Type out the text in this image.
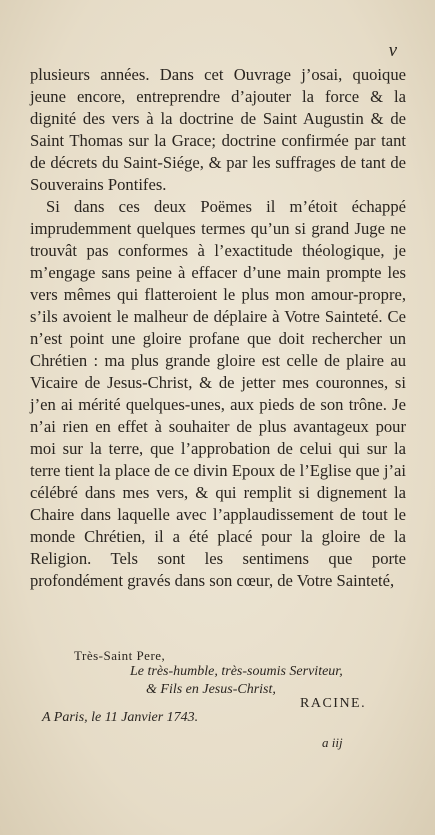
v

plusieurs années. Dans cet Ouvrage j’osai, quoique jeune encore, entreprendre d’ajouter la force & la dignité des vers à la doctrine de Saint Augustin & de Saint Thomas sur la Grace; doctrine confirmée par tant de décrets du Saint-Siége, & par les suffrages de tant de Souverains Pontifes.

Si dans ces deux Poëmes il m’étoit échappé imprudemment quelques termes qu’un si grand Juge ne trouvât pas conformes à l’exactitude théologique, je m’engage sans peine à effacer d’une main prompte les vers mêmes qui flatteroient le plus mon amour-propre, s’ils avoient le malheur de déplaire à Votre Sainteté. Ce n’est point une gloire profane que doit rechercher un Chrétien : ma plus grande gloire est celle de plaire au Vicaire de Jesus-Christ, & de jetter mes couronnes, si j’en ai mérité quelques-unes, aux pieds de son trône. Je n’ai rien en effet à souhaiter de plus avantageux pour moi sur la terre, que l’approbation de celui qui sur la terre tient la place de ce divin Epoux de l’Eglise que j’ai célébré dans mes vers, & qui remplit si dignement la Chaire dans laquelle avec l’applaudissement de tout le monde Chrétien, il a été placé pour la gloire de la Religion. Tels sont les sentimens que porte profondément gravés dans son cœur, de Votre Sainteté,

Très-Saint Pere,
Le très-humble, très-soumis Serviteur,
& Fils en Jesus-Christ,
RACINE.
A Paris, le 11 Janvier 1743.
a iij
